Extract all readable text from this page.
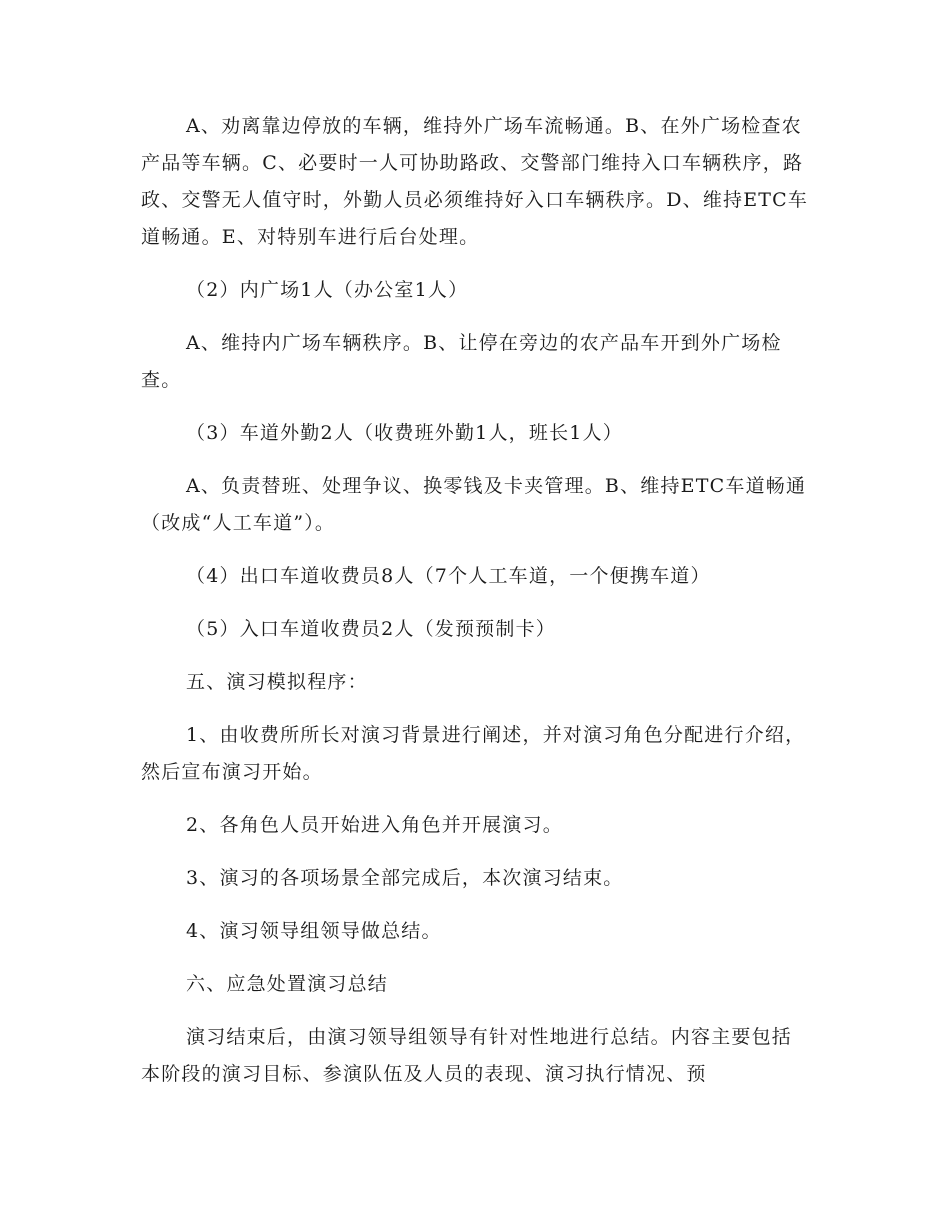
A、劝离靠边停放的车辆，维持外广场车流畅通。B、在外广场检查农产品等车辆。C、必要时一人可协助路政、交警部门维持入口车辆秩序，路政、交警无人值守时，外勤人员必须维持好入口车辆秩序。D、维持ETC车道畅通。E、对特别车进行后台处理。

（2）内广场1人（办公室1人）

A、维持内广场车辆秩序。B、让停在旁边的农产品车开到外广场检查。

（3）车道外勤2人（收费班外勤1人，班长1人）

A、负责替班、处理争议、换零钱及卡夹管理。B、维持ETC车道畅通（改成“人工车道”）。

（4）出口车道收费员8人（7个人工车道，一个便携车道）

（5）入口车道收费员2人（发预预制卡）

五、演习模拟程序：

1、由收费所所长对演习背景进行阐述，并对演习角色分配进行介绍，然后宣布演习开始。

2、各角色人员开始进入角色并开展演习。

3、演习的各项场景全部完成后，本次演习结束。

4、演习领导组领导做总结。

六、应急处置演习总结

演习结束后，由演习领导组领导有针对性地进行总结。内容主要包括本阶段的演习目标、参演队伍及人员的表现、演习执行情况、预
